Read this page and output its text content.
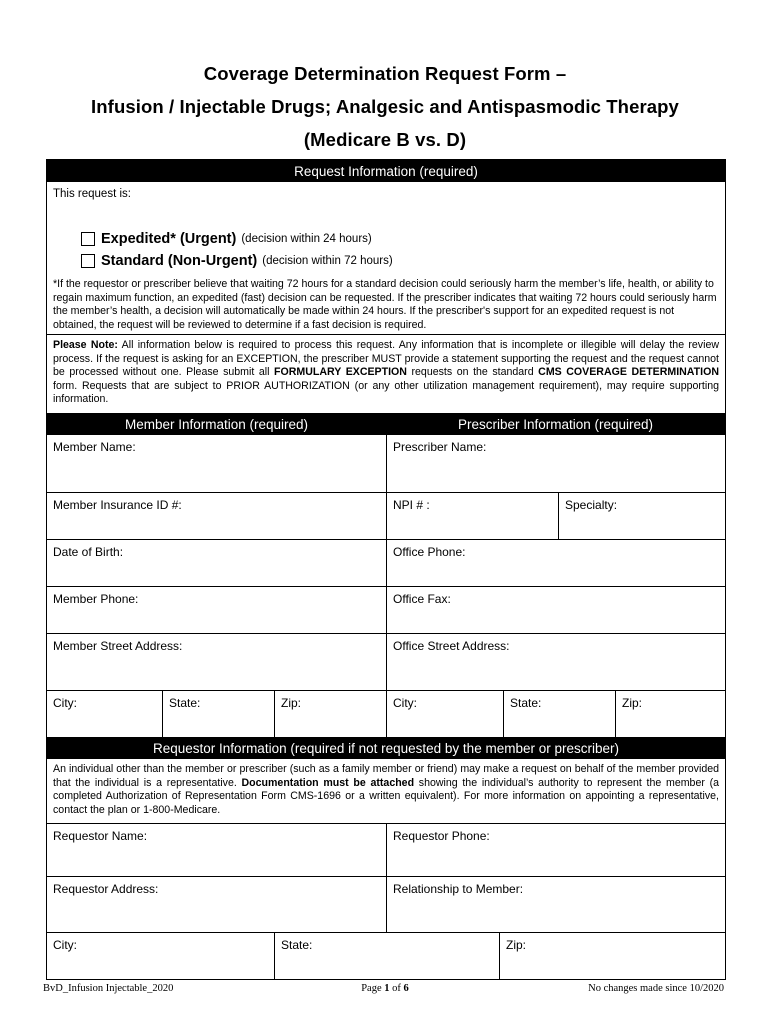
Coverage Determination Request Form –
Infusion / Injectable Drugs; Analgesic and Antispasmodic Therapy
(Medicare B vs. D)
Request Information (required)
This request is:
Expedited* (Urgent) (decision within 24 hours)
Standard (Non-Urgent) (decision within 72 hours)
*If the requestor or prescriber believe that waiting 72 hours for a standard decision could seriously harm the member’s life, health, or ability to regain maximum function, an expedited (fast) decision can be requested. If the prescriber indicates that waiting 72 hours could seriously harm the member’s health, a decision will automatically be made within 24 hours. If the prescriber's support for an expedited request is not obtained, the request will be reviewed to determine if a fast decision is required.
Please Note: All information below is required to process this request. Any information that is incomplete or illegible will delay the review process. If the request is asking for an EXCEPTION, the prescriber MUST provide a statement supporting the request and the request cannot be processed without one. Please submit all FORMULARY EXCEPTION requests on the standard CMS COVERAGE DETERMINATION form. Requests that are subject to PRIOR AUTHORIZATION (or any other utilization management requirement), may require supporting information.
Member Information (required)	Prescriber Information (required)
Member Name:	Prescriber Name:
Member Insurance ID #:	NPI # :	Specialty:
Date of Birth:	Office Phone:
Member Phone:	Office Fax:
Member Street Address:	Office Street Address:
City:	State:	Zip:	City:	State:	Zip:
Requestor Information (required if not requested by the member or prescriber)
An individual other than the member or prescriber (such as a family member or friend) may make a request on behalf of the member provided that the individual is a representative. Documentation must be attached showing the individual’s authority to represent the member (a completed Authorization of Representation Form CMS-1696 or a written equivalent). For more information on appointing a representative, contact the plan or 1-800-Medicare.
Requestor Name:	Requestor Phone:
Requestor Address:	Relationship to Member:
City:	State:	Zip:
BvD_Infusion Injectable_2020	Page 1 of 6	No changes made since 10/2020
